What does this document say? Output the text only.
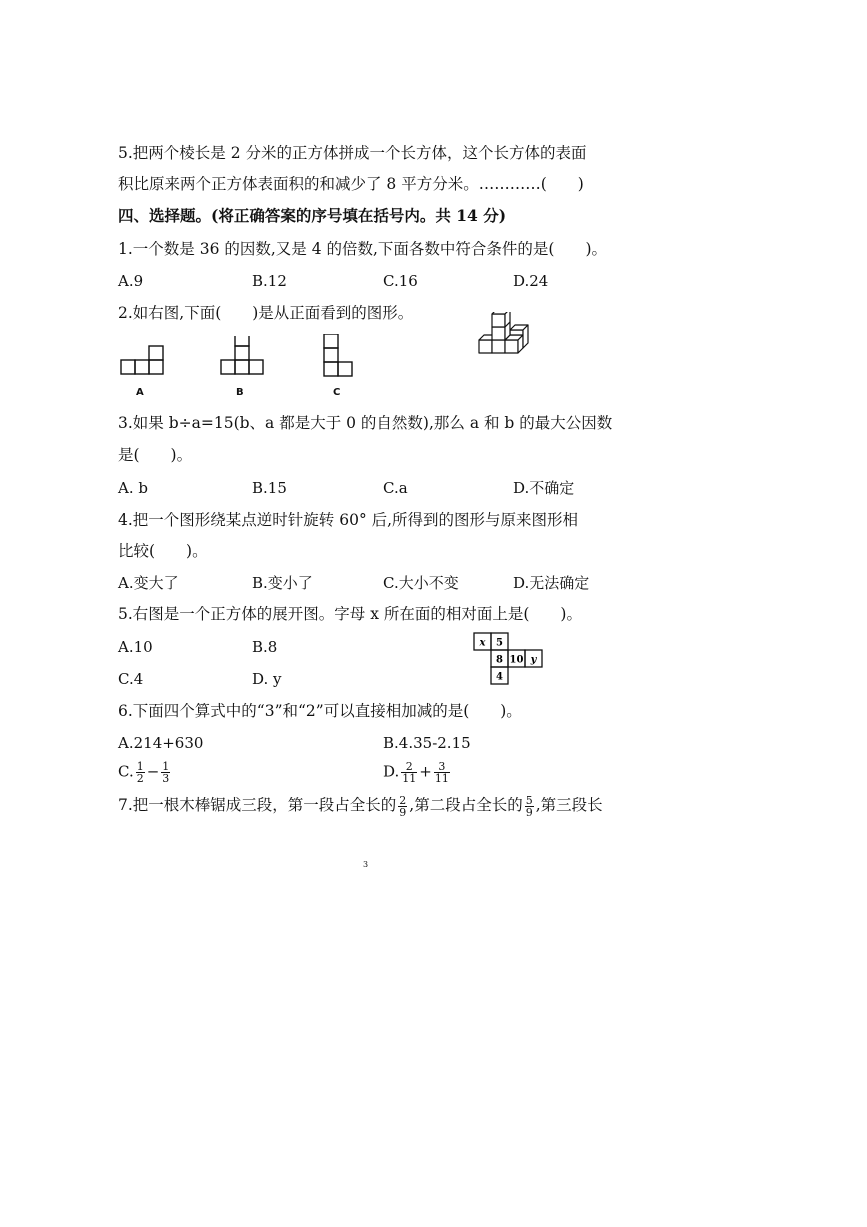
5.把两个棱长是 2 分米的正方体拼成一个长方体，这个长方体的表面
积比原来两个正方体表面积的和减少了 8 平方分米。…………(　　)
四、选择题。(将正确答案的序号填在括号内。共 14 分)
1.一个数是 36 的因数,又是 4 的倍数,下面各数中符合条件的是(　　)。
A.9	B.12	C.16	D.24
2.如右图,下面(　　)是从正面看到的图形。
A	B	C
3.如果 b÷a=15(b、a 都是大于 0 的自然数),那么 a 和 b 的最大公因数
是(　　)。
A. b	B.15	C.a	D.不确定
4.把一个图形绕某点逆时针旋转 60° 后,所得到的图形与原来图形相
比较(　　)。
A.变大了	B.变小了	C.大小不变	D.无法确定
5.右图是一个正方体的展开图。字母 x 所在面的相对面上是(　　)。
A.10	B.8
C.4	D. y
x 5
8 10 y
4
6.下面四个算式中的“3”和“2”可以直接相加减的是(　　)。
A.214+630	B.4.35-2.15
C. $\frac{1}{2} - \frac{1}{3}$	D. $\frac{2}{11} + \frac{3}{11}$
7.把一根木棒锯成三段，第一段占全长的 $\frac{2}{9}$ ,第二段占全长的 $\frac{5}{9}$ ,第三段长
3
